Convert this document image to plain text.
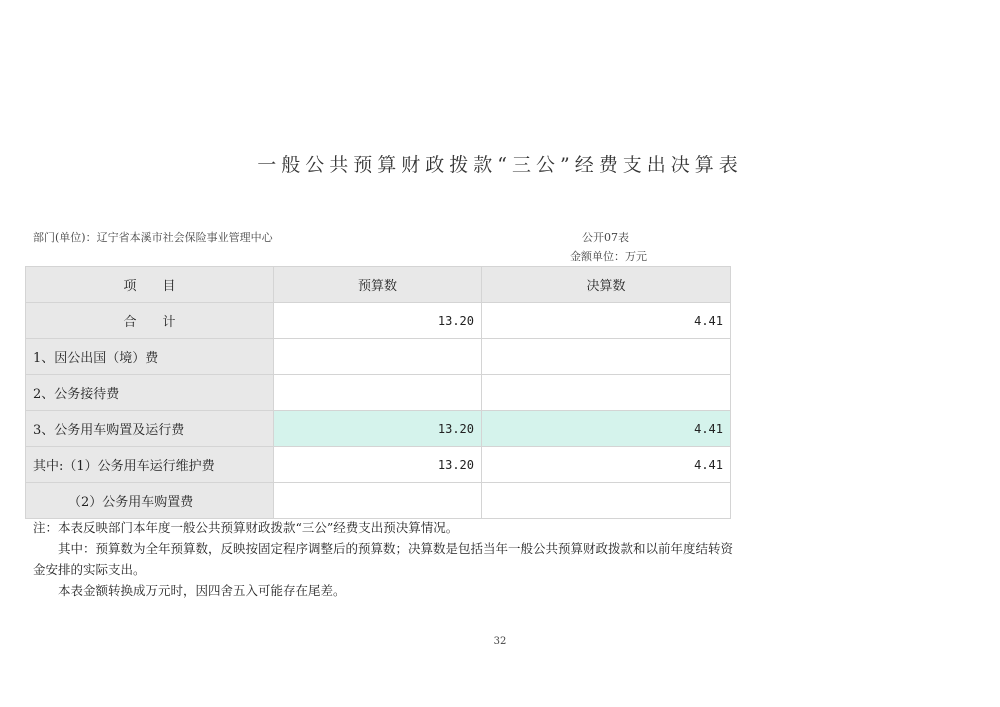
一般公共预算财政拨款“三公”经费支出决算表
部门(单位)：辽宁省本溪市社会保险事业管理中心	公开07表
金额单位：万元
项　　目	预算数	决算数
合　　计	13.20	4.41
1、因公出国（境）费		
2、公务接待费		
3、公务用车购置及运行费	13.20	4.41
其中:（1）公务用车运行维护费	13.20	4.41
（2）公务用车购置费		

注：本表反映部门本年度一般公共预算财政拨款“三公”经费支出预决算情况。

其中：预算数为全年预算数，反映按固定程序调整后的预算数；决算数是包括当年一般公共预算财政拨款和以前年度结转资金安排的实际支出。

本表金额转换成万元时，因四舍五入可能存在尾差。

32
